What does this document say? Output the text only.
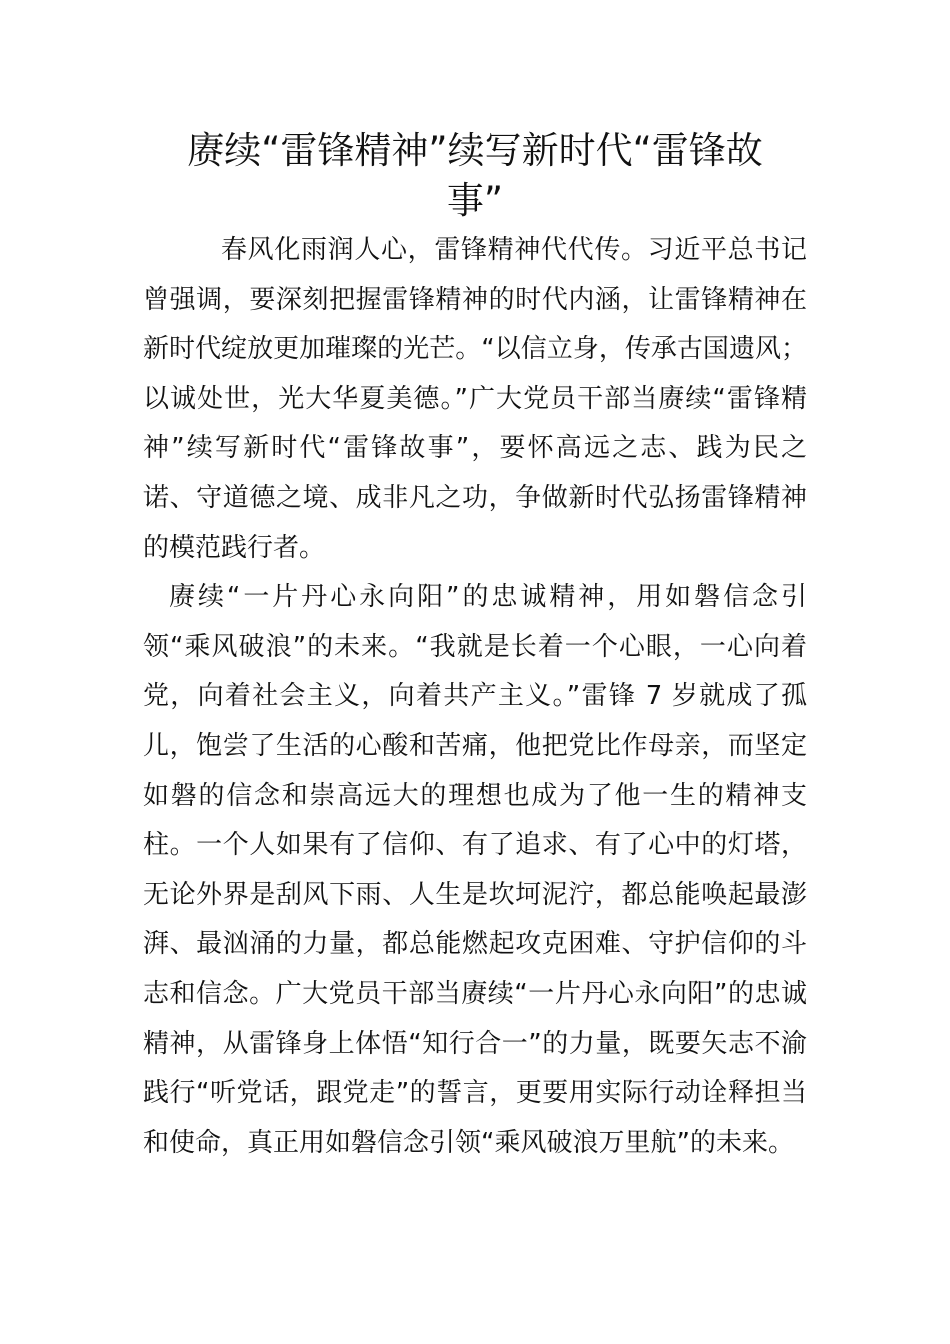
赓续“雷锋精神”续写新时代“雷锋故事”

春风化雨润人心，雷锋精神代代传。习近平总书记曾强调，要深刻把握雷锋精神的时代内涵，让雷锋精神在新时代绽放更加璀璨的光芒。“以信立身，传承古国遗风；以诚处世，光大华夏美德。”广大党员干部当赓续“雷锋精神”续写新时代“雷锋故事”，要怀高远之志、践为民之诺、守道德之境、成非凡之功，争做新时代弘扬雷锋精神的模范践行者。

赓续“一片丹心永向阳”的忠诚精神，用如磐信念引领“乘风破浪”的未来。“我就是长着一个心眼，一心向着党，向着社会主义，向着共产主义。”雷锋 7 岁就成了孤儿，饱尝了生活的心酸和苦痛，他把党比作母亲，而坚定如磐的信念和崇高远大的理想也成为了他一生的精神支柱。一个人如果有了信仰、有了追求、有了心中的灯塔，无论外界是刮风下雨、人生是坎坷泥泞，都总能唤起最澎湃、最汹涌的力量，都总能燃起攻克困难、守护信仰的斗志和信念。广大党员干部当赓续“一片丹心永向阳”的忠诚精神，从雷锋身上体悟“知行合一”的力量，既要矢志不渝践行“听党话，跟党走”的誓言，更要用实际行动诠释担当和使命，真正用如磐信念引领“乘风破浪万里航”的未来。
